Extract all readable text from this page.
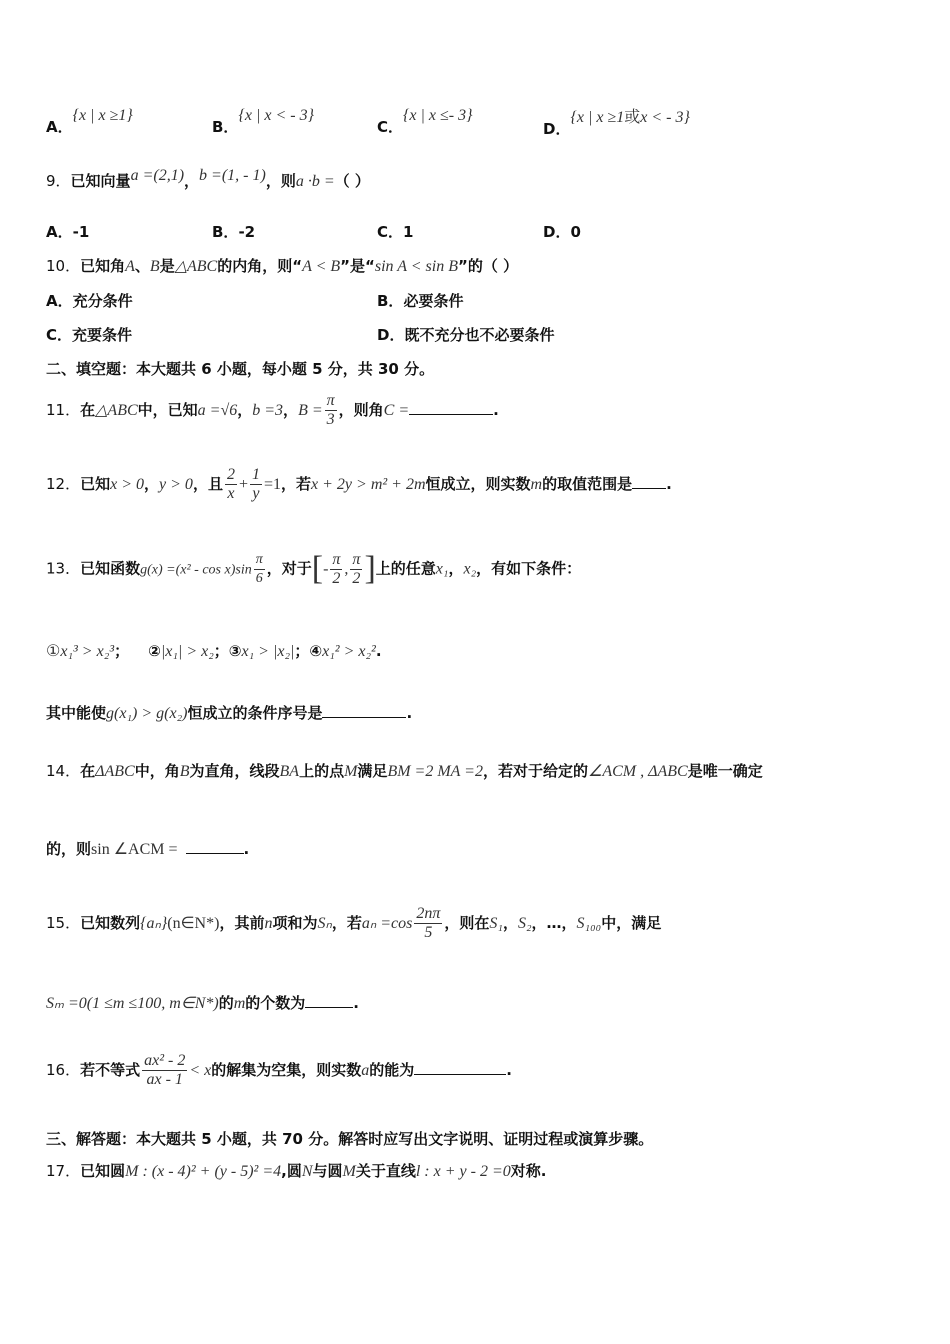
A．{x | x ≥1}
B．{x | x < - 3}
C．{x | x ≤- 3}
D．{x | x ≥1或x < - 3}
9．已知向量a =(2,1)，b =(1, - 1)，则a ·b =（ ）
A．-1	B．-2	C．1	D．0
10．已知角A、B是△ABC的内角，则“A < B”是“sin A < sin B”的（ ）
A．充分条件	B．必要条件
C．充要条件	D．既不充分也不必要条件
二、填空题：本大题共 6 小题，每小题 5 分，共 30 分。
11．在△ABC中，已知a =√6，b =3，$B = \frac{\pi}{3}$ ，则角C =	.
12．已知x > 0，y > 0，且 $\frac{2}{x} + \frac{1}{y} =1$，若x + 2y > m² + 2m恒成立，则实数m的取值范围是 .
13．已知函数$g(x) =(x^2 - \cos x)\sin \frac{\pi}{6}$ ，对于[- $\frac{\pi}{2}$ , $\frac{\pi}{2}$ ]上的任意x₁，x₂，有如下条件：
①x₁³ > x₂³； ②|x₁| > x₂；③x₁ > |x₂|；④x₁² > x₂².
其中能使g(x₁) > g(x₂)恒成立的条件序号是	.
14．在ΔABC中，角B为直角，线段BA上的点M满足BM =2 MA =2，若对于给定的∠ACM , ΔABC是唯一确定
的，则sin ∠ACM =	.
15．已知数列{aₙ}(n∈N*)，其前n项和为Sₙ，若$a_n =\cos \frac{2n\pi}{5}$ ，则在S₁，S₂，…，S₁₀₀中，满足
Sₘ =0(1 ≤m ≤100, m∈N*)的m的个数为	.
16．若不等式 $\frac{\text{ax² - 2}}{ax - 1} < x$的解集为空集，则实数a的能为	.
三、解答题：本大题共 5 小题，共 70 分。解答时应写出文字说明、证明过程或演算步骤。
17．已知圆M : (x - 4)² + (y - 5)² =4,圆N与圆M关于直线l : x + y - 2 =0对称.
